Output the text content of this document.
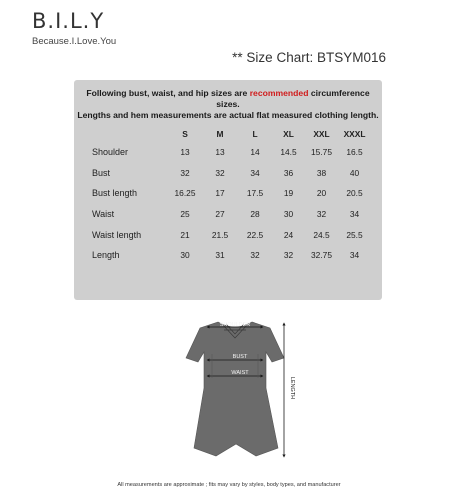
B.I.L.Y
Because.I.Love.You
** Size Chart: BTSYM016
Following bust, waist, and hip sizes are recommended circumference sizes.
Lengths and hem measurements are actual flat measured clothing length.
	S	M	L	XL	XXL	XXXL
Shoulder	13	13	14	14.5	15.75	16.5
Bust	32	32	34	36	38	40
Bust length	16.25	17	17.5	19	20	20.5
Waist	25	27	28	30	32	34
Waist length	21	21.5	22.5	24	24.5	25.5
Length	30	31	32	32	32.75	34
SHOULDER
BUST
WAIST
LENGTH
All measurements are approximate ; fits may vary by styles, body types, and manufacturer
